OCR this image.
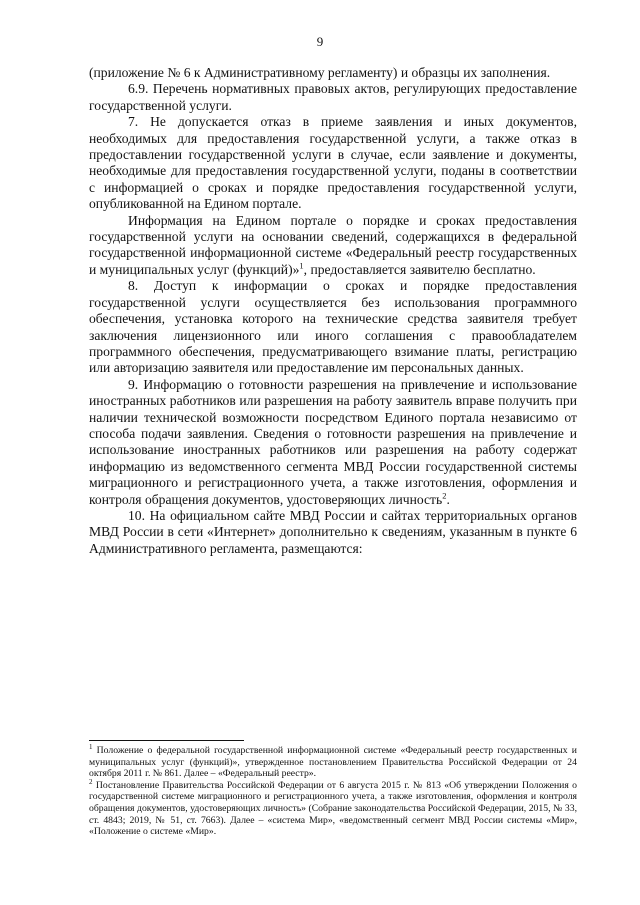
9

(приложение № 6 к Административному регламенту) и образцы их заполнения.

6.9. Перечень нормативных правовых актов, регулирующих предоставление государственной услуги.

7. Не допускается отказ в приеме заявления и иных документов, необходимых для предоставления государственной услуги, а также отказ в предоставлении государственной услуги в случае, если заявление и документы, необходимые для предоставления государственной услуги, поданы в соответствии с информацией о сроках и порядке предоставления государственной услуги, опубликованной на Едином портале.

Информация на Едином портале о порядке и сроках предоставления государственной услуги на основании сведений, содержащихся в федеральной государственной информационной системе «Федеральный реестр государственных и муниципальных услуг (функций)»$^1$, предоставляется заявителю бесплатно.

8. Доступ к информации о сроках и порядке предоставления государственной услуги осуществляется без использования программного обеспечения, установка которого на технические средства заявителя требует заключения лицензионного или иного соглашения с правообладателем программного обеспечения, предусматривающего взимание платы, регистрацию или авторизацию заявителя или предоставление им персональных данных.

9. Информацию о готовности разрешения на привлечение и использование иностранных работников или разрешения на работу заявитель вправе получить при наличии технической возможности посредством Единого портала независимо от способа подачи заявления. Сведения о готовности разрешения на привлечение и использование иностранных работников или разрешения на работу содержат информацию из ведомственного сегмента МВД России государственной системы миграционного и регистрационного учета, а также изготовления, оформления и контроля обращения документов, удостоверяющих личность$^2$.

10. На официальном сайте МВД России и сайтах территориальных органов МВД России в сети «Интернет» дополнительно к сведениям, указанным в пункте 6 Административного регламента, размещаются:

$^1$ Положение о федеральной государственной информационной системе «Федеральный реестр государственных и муниципальных услуг (функций)», утвержденное постановлением Правительства Российской Федерации от 24 октября 2011 г. № 861. Далее – «Федеральный реестр».

$^2$ Постановление Правительства Российской Федерации от 6 августа 2015 г. № 813 «Об утверждении Положения о государственной системе миграционного и регистрационного учета, а также изготовления, оформления и контроля обращения документов, удостоверяющих личность» (Собрание законодательства Российской Федерации, 2015, № 33, ст. 4843; 2019, № 51, ст. 7663). Далее – «система Мир», «ведомственный сегмент МВД России системы «Мир», «Положение о системе «Мир».
